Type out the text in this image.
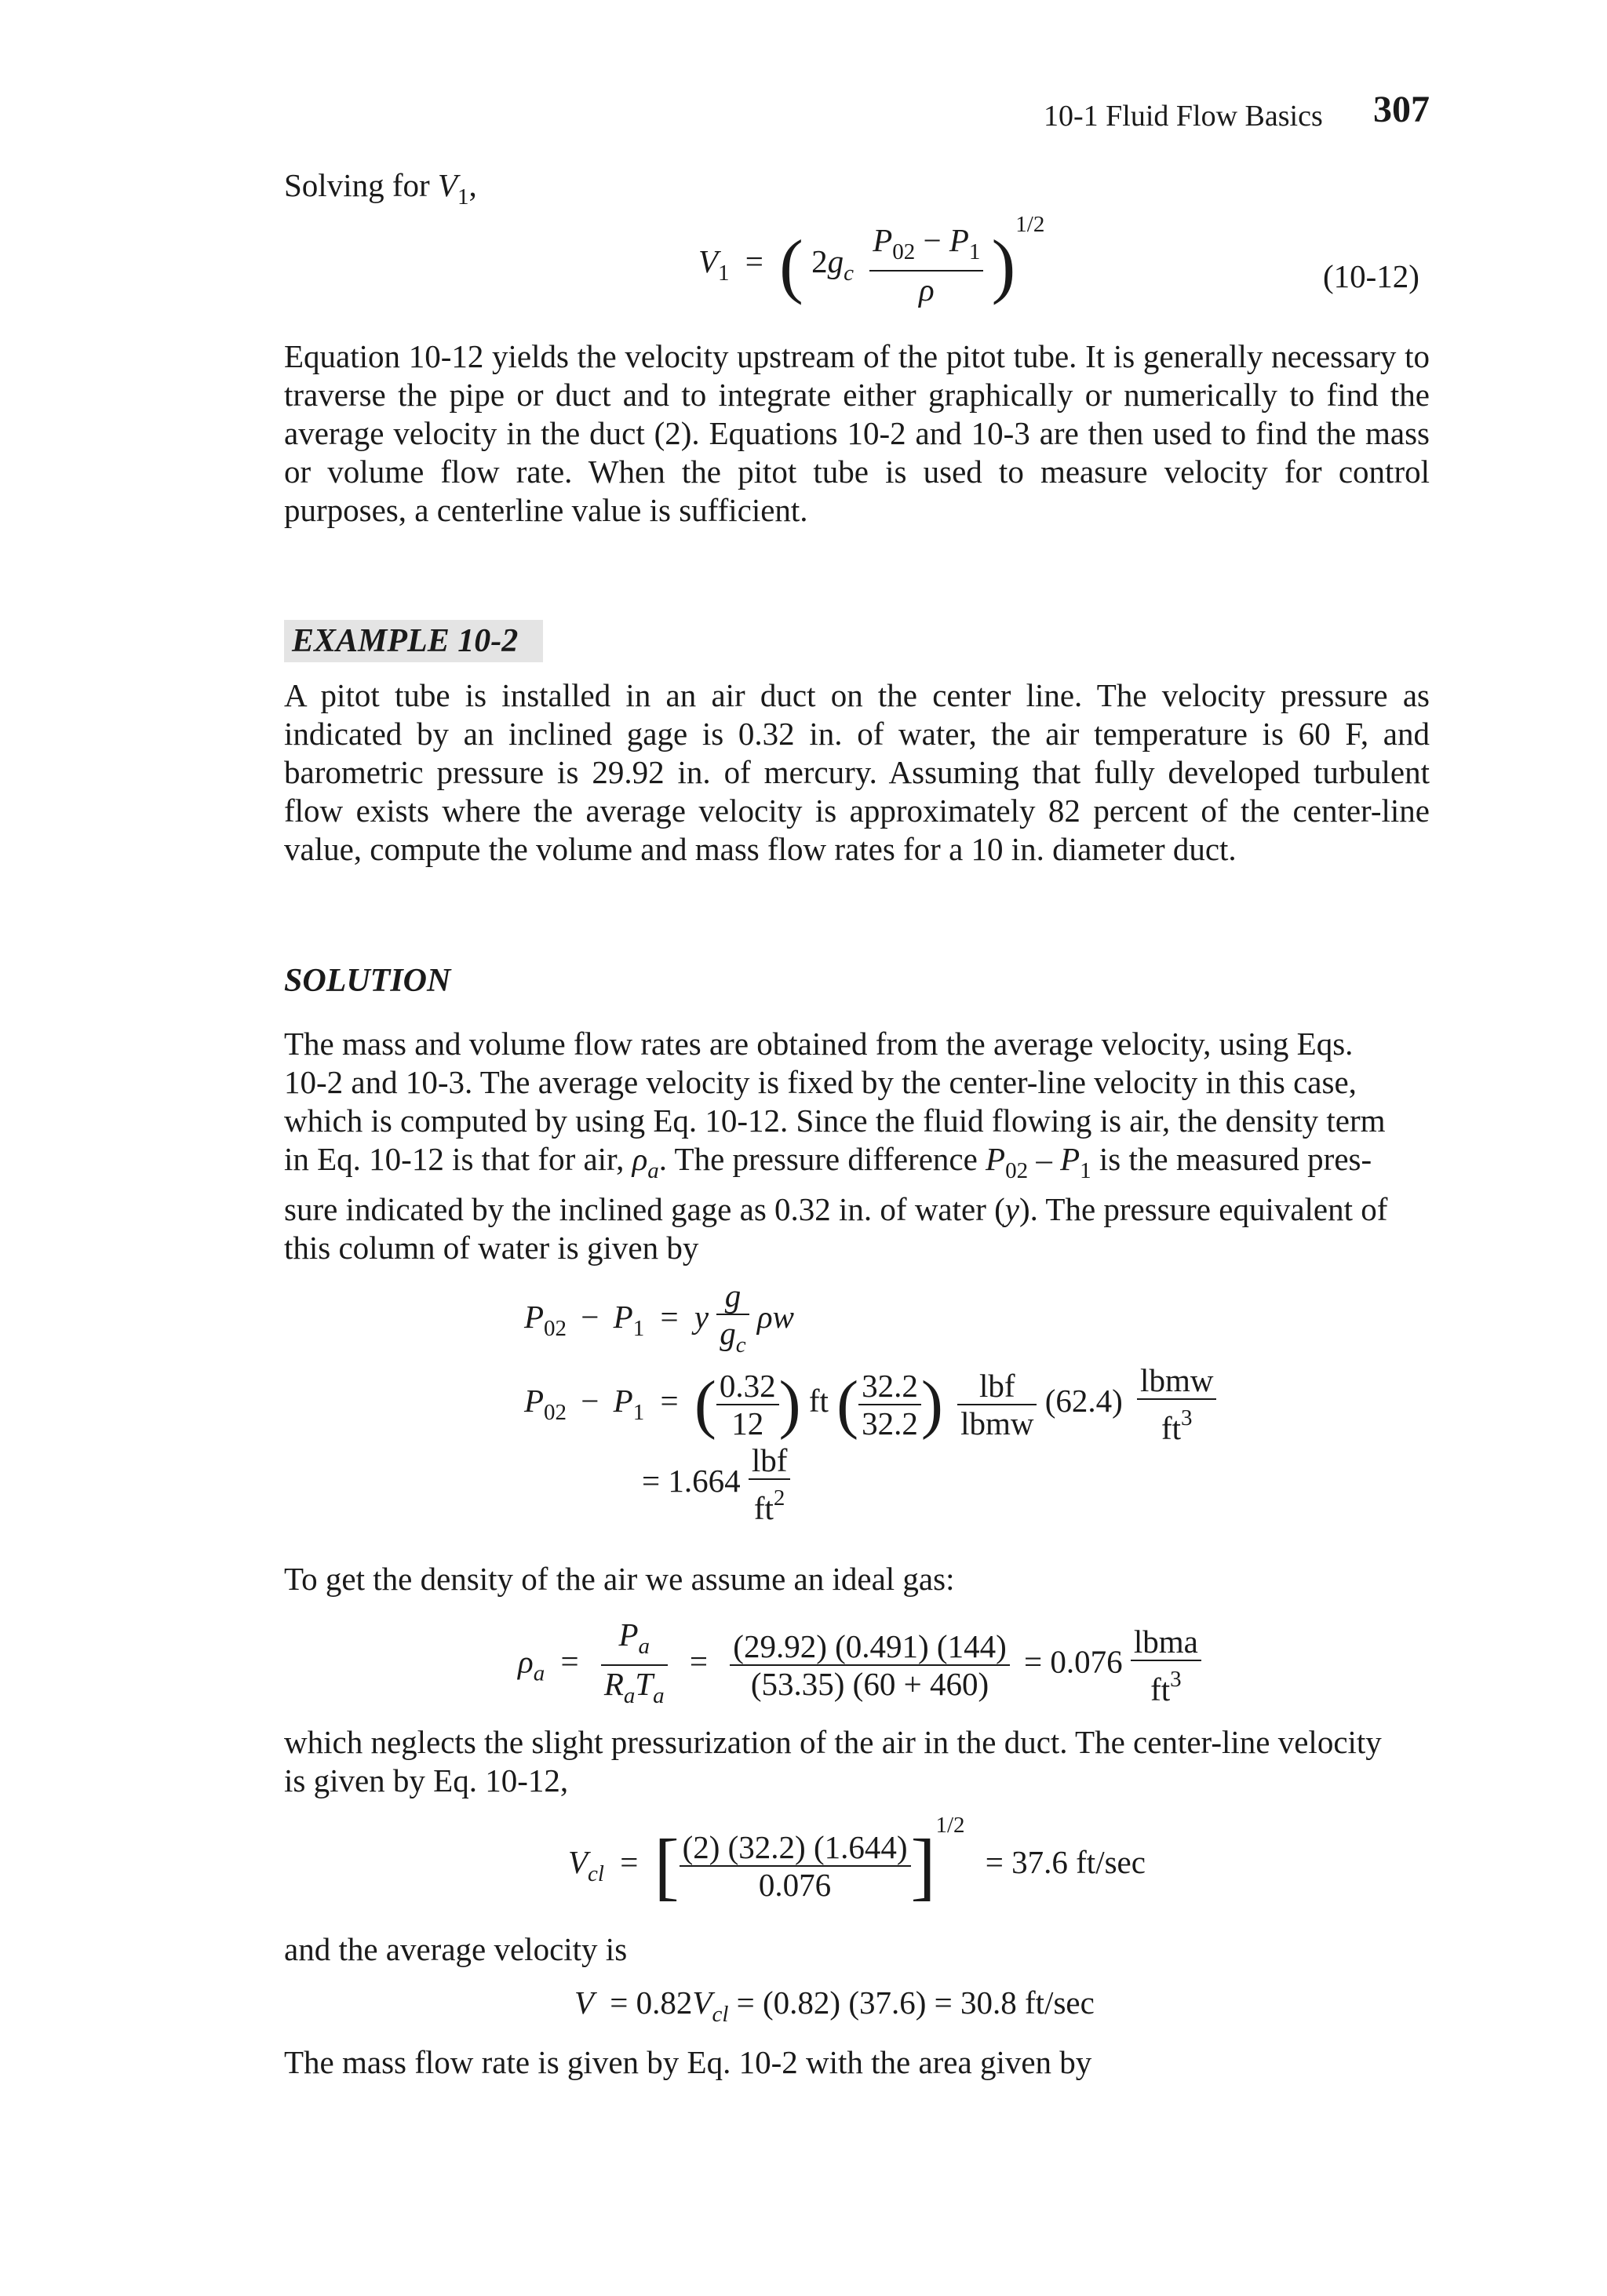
10-1 Fluid Flow Basics 307
Solving for $V_1$,
$V_1$ = ( $2g_c \frac{P_{02} - P_1}{\rho} )^{1/2}$
(10-12)
Equation 10-12 yields the velocity upstream of the pitot tube. It is generally necessary to traverse the pipe or duct and to integrate either graphically or numerically to find the average velocity in the duct (2). Equations 10-2 and 10-3 are then used to find the mass or volume flow rate. When the pitot tube is used to measure velocity for control purposes, a centerline value is sufficient.
EXAMPLE 10-2
A pitot tube is installed in an air duct on the center line. The velocity pressure as indicated by an inclined gage is 0.32 in. of water, the air temperature is 60 F, and barometric pressure is 29.92 in. of mercury. Assuming that fully developed turbulent flow exists where the average velocity is approximately 82 percent of the center-line value, compute the volume and mass flow rates for a 10 in. diameter duct.
SOLUTION
The mass and volume flow rates are obtained from the average velocity, using Eqs.
10-2 and 10-3. The average velocity is fixed by the center-line velocity in this case,
which is computed by using Eq. 10-12. Since the fluid flowing is air, the density term
in Eq. 10-12 is that for air, $\rho_a$. The pressure difference $P_{02} - P_1$ is the measured pres-
sure indicated by the inclined gage as 0.32 in. of water (y). The pressure equivalent of
this column of water is given by
$P_{02} - P_1 = y \frac{g}{g_c}$ ρw
$P_{02} - P_1$ = ( $\frac{0.32}{12}$ ) ft ( $\frac{32.2}{32.2}$ ) $\frac{\text{lbf}}{\text{lbmw}} (62.4) \frac{\text{lbmw}}{ft^3}$
= $1.664 \frac{\text{lbf}}{ft^2}$
To get the density of the air we assume an ideal gas:
$\rho_a = \frac{P_a}{R_aT_a} = \frac{(29.92) (0.491) (144)}{(53.35) (60 + 460)} = 0.076 \frac{\text{lbma}}{ft^3}$
which neglects the slight pressurization of the air in the duct. The center-line velocity
is given by Eq. 10-12,
$V_{cl}$ = [ $\frac{(2) (32.2) (1.644)}{0.076} ]^{1/2} = 37.6$ ft/sec
and the average velocity is
$V = 0.82V_{cl} = (0.82) (37.6) = 30.8$ ft/sec
The mass flow rate is given by Eq. 10-2 with the area given by
